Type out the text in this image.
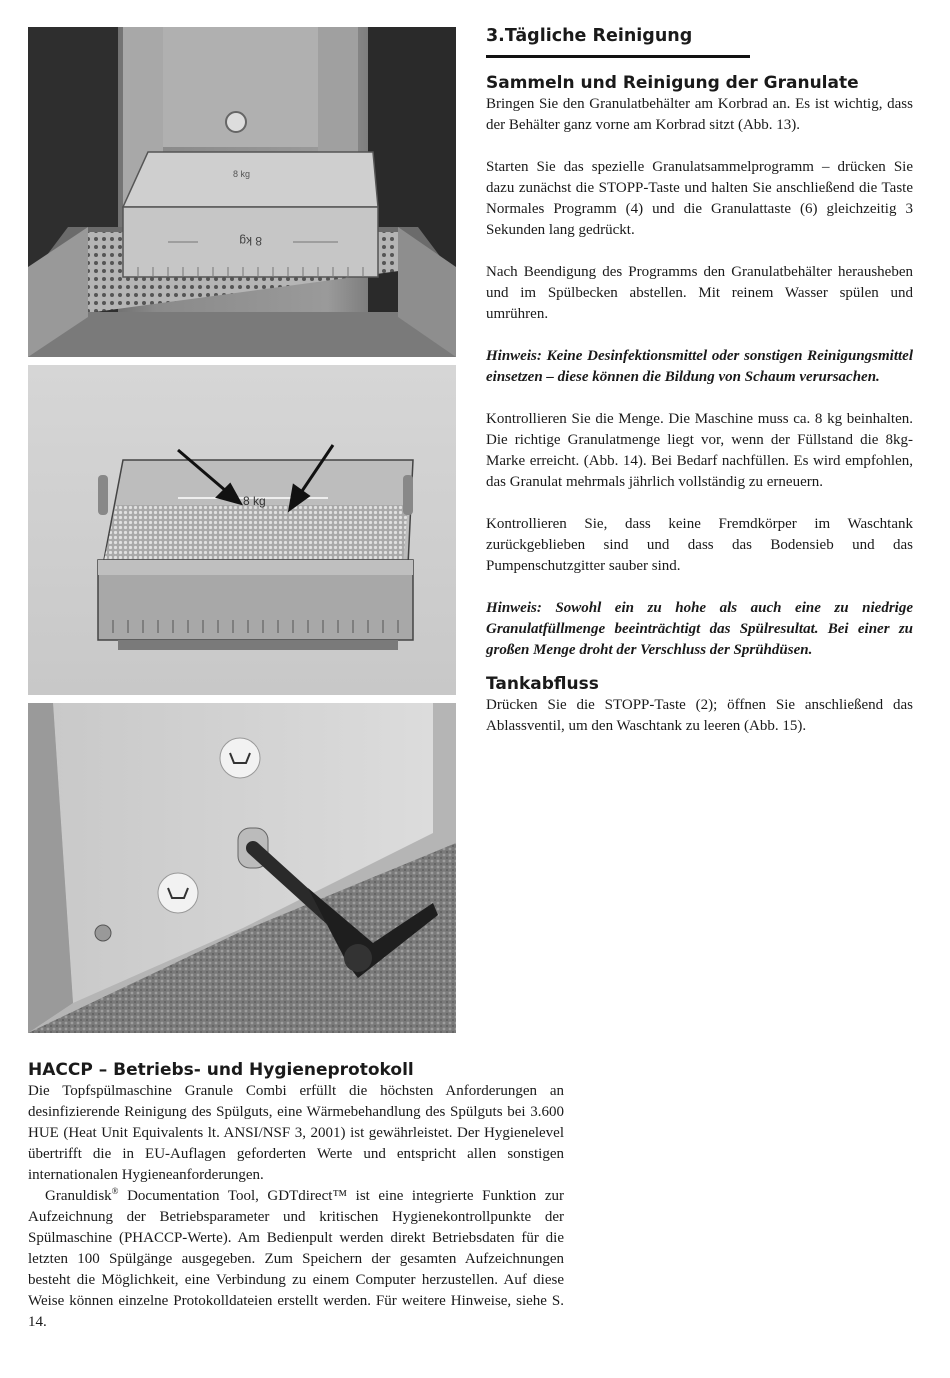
8 kg
8 kg
8 kg
3.Tägliche Reinigung
Sammeln und Reinigung der Granulate

Bringen Sie den Granulatbehälter am Korbrad an. Es ist wichtig, dass der Behälter ganz vorne am Korbrad sitzt (Abb. 13).

Starten Sie das spezielle Granulatsammelprogramm – drücken Sie dazu zunächst die STOPP-Taste und halten Sie anschließend die Taste Normales Programm (4) und die Granulattaste (6) gleichzeitig 3 Sekunden lang gedrückt.

Nach Beendigung des Programms den Granulatbehälter herausheben und im Spülbecken abstellen. Mit reinem Wasser spülen und umrühren.

Hinweis: Keine Desinfektionsmittel oder sonstigen Reinigungsmittel einsetzen – diese können die Bildung von Schaum verursachen.

Kontrollieren Sie die Menge. Die Maschine muss ca. 8 kg beinhalten. Die richtige Granulatmenge liegt vor, wenn der Füllstand die 8kg-Marke erreicht. (Abb. 14). Bei Bedarf nachfüllen. Es wird empfohlen, das Granulat mehrmals jährlich vollständig zu erneuern.

Kontrollieren Sie, dass keine Fremdkörper im Waschtank zurückgeblieben sind und dass das Bodensieb und das Pumpenschutzgitter sauber sind.

Hinweis: Sowohl ein zu hohe als auch eine zu niedrige Granulatfüllmenge beeinträchtigt das Spülresultat. Bei einer zu großen Menge droht der Verschluss der Sprühdüsen.

Tankabfluss

Drücken Sie die STOPP-Taste (2); öffnen Sie anschließend das Ablassventil, um den Waschtank zu leeren (Abb. 15).

HACCP – Betriebs- und Hygieneprotokoll

Die Topfspülmaschine Granule Combi erfüllt die höchsten Anforderungen an desinfizierende Reinigung des Spülguts, eine Wärmebehandlung des Spülguts bei 3.600 HUE (Heat Unit Equivalents lt. ANSI/NSF 3, 2001) ist gewährleistet. Der Hygienelevel übertrifft die in EU-Auflagen geforderten Werte und entspricht allen sonstigen internationalen Hygieneanforderungen.

Granuldisk® Documentation Tool, GDTdirect™ ist eine integrierte Funktion zur Aufzeichnung der Betriebsparameter und kritischen Hygienekontrollpunkte der Spülmaschine (PHACCP-Werte). Am Bedienpult werden direkt Betriebsdaten für die letzten 100 Spülgänge ausgegeben. Zum Speichern der gesamten Aufzeichnungen besteht die Möglichkeit, eine Verbindung zu einem Computer herzustellen. Auf diese Weise können einzelne Protokolldateien erstellt werden. Für weitere Hinweise, siehe S. 14.
